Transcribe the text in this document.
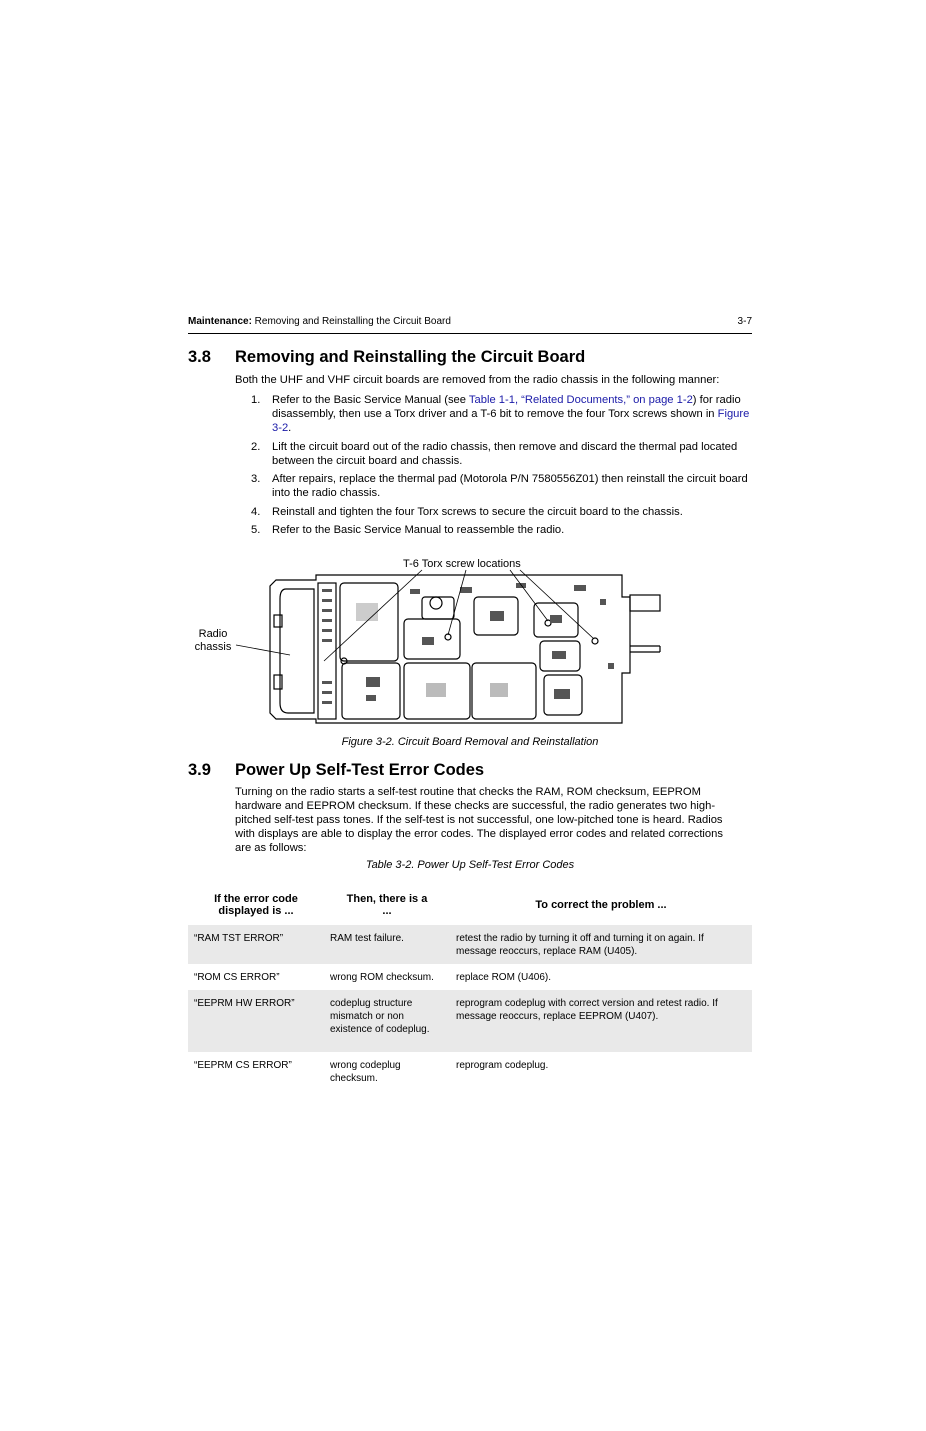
Maintenance: Removing and Reinstalling the Circuit Board	3-7
3.8 Removing and Reinstalling the Circuit Board
Both the UHF and VHF circuit boards are removed from the radio chassis in the following manner:
1. Refer to the Basic Service Manual (see Table 1-1, “Related Documents,” on page 1-2) for radio disassembly, then use a Torx driver and a T-6 bit to remove the four Torx screws shown in Figure 3-2.
2. Lift the circuit board out of the radio chassis, then remove and discard the thermal pad located between the circuit board and chassis.
3. After repairs, replace the thermal pad (Motorola P/N 7580556Z01) then reinstall the circuit board into the radio chassis.
4. Reinstall and tighten the four Torx screws to secure the circuit board to the chassis.
5. Refer to the Basic Service Manual to reassemble the radio.
T-6 Torx screw locations
Radio
chassis
Figure 3-2. Circuit Board Removal and Reinstallation
3.9 Power Up Self-Test Error Codes
Turning on the radio starts a self-test routine that checks the RAM, ROM checksum, EEPROM hardware and EEPROM checksum. If these checks are successful, the radio generates two high-pitched self-test pass tones. If the self-test is not successful, one low-pitched tone is heard. Radios with displays are able to display the error codes. The displayed error codes and related corrections are as follows:
Table 3-2. Power Up Self-Test Error Codes
If the error code displayed is ...	Then, there is a ...	To correct the problem ...
“RAM TST ERROR”	RAM test failure.	retest the radio by turning it off and turning it on again. If message reoccurs, replace RAM (U405).
“ROM CS ERROR”	wrong ROM checksum.	replace ROM (U406).
“EEPRM HW ERROR”	codeplug structure mismatch or non existence of codeplug.	reprogram codeplug with correct version and retest radio. If message reoccurs, replace EEPROM (U407).
“EEPRM CS ERROR”	wrong codeplug checksum.	reprogram codeplug.
